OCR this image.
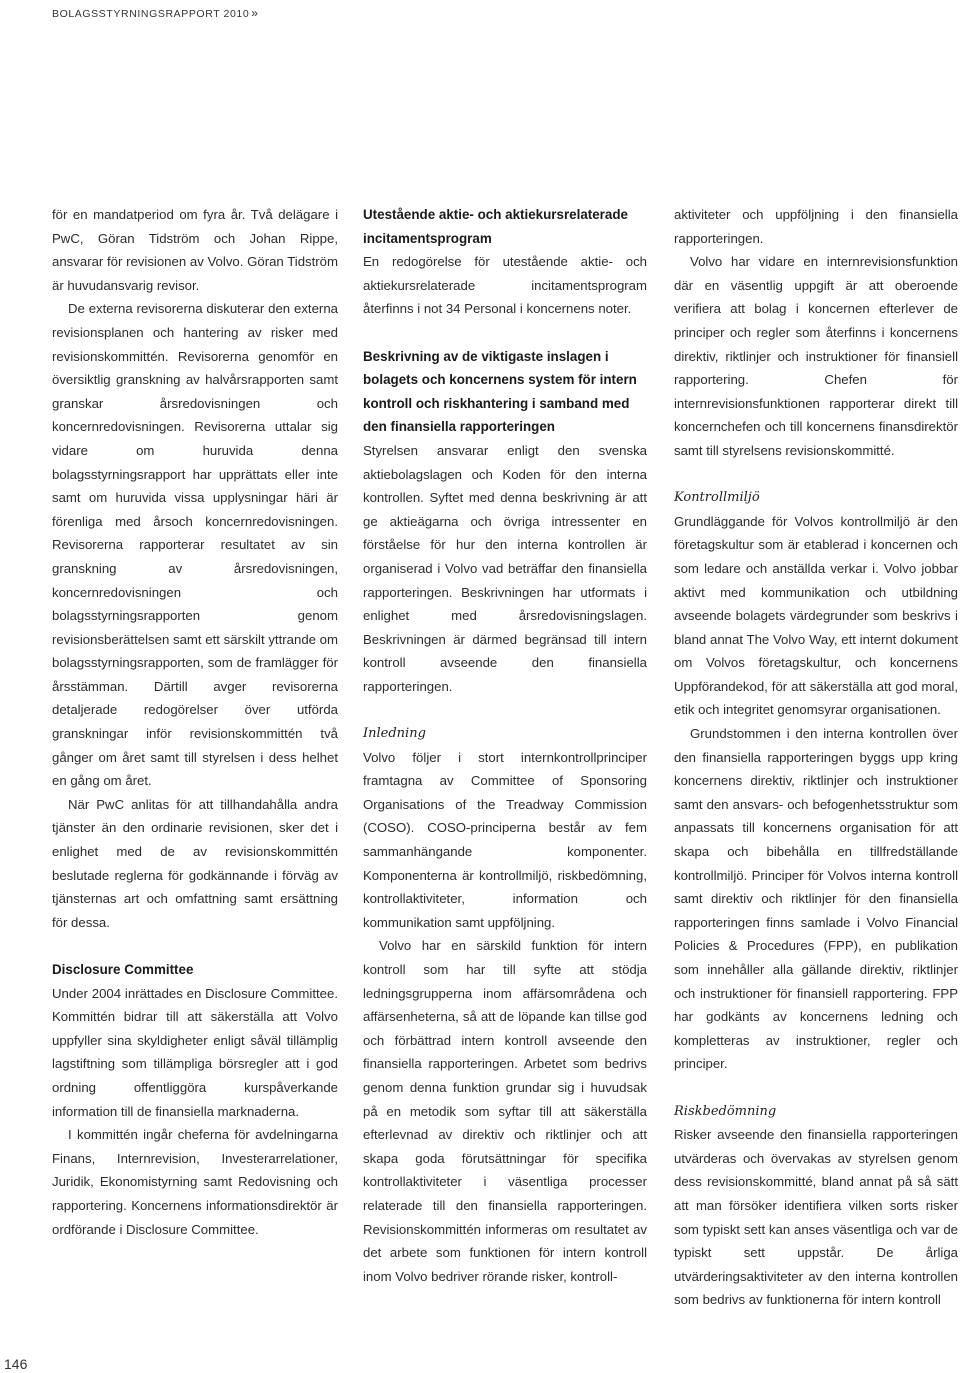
BOLAGSSTYRNINGSRAPPORT 2010 »

för en mandatperiod om fyra år. Två delägare i PwC, Göran Tidström och Johan Rippe, ansvarar för revisionen av Volvo. Göran Tidström är huvudansvarig revisor.

De externa revisorerna diskuterar den externa revisionsplanen och hantering av risker med revisionskommittén. Revisorerna genomför en översiktlig granskning av halvårsrapporten samt granskar årsredovisningen och koncernredovisningen. Revisorerna uttalar sig vidare om huruvida denna bolagsstyrningsrapport har upprättats eller inte samt om huruvida vissa upplysningar häri är förenliga med årsoch koncernredovisningen. Revisorerna rapporterar resultatet av sin granskning av årsredovisningen, koncernredovisningen och bolagsstyrningsrapporten genom revisionsberättelsen samt ett särskilt yttrande om bolagsstyrningsrapporten, som de framlägger för årsstämman. Därtill avger revisorerna detaljerade redogörelser över utförda granskningar inför revisionskommittén två gånger om året samt till styrelsen i dess helhet en gång om året.

När PwC anlitas för att tillhandahålla andra tjänster än den ordinarie revisionen, sker det i enlighet med de av revisionskommittén beslutade reglerna för godkännande i förväg av tjänsternas art och omfattning samt ersättning för dessa.

Disclosure Committee

Under 2004 inrättades en Disclosure Committee. Kommittén bidrar till att säkerställa att Volvo uppfyller sina skyldigheter enligt såväl tillämplig lagstiftning som tillämpliga börsregler att i god ordning offentliggöra kurspåverkande information till de finansiella marknaderna.

I kommittén ingår cheferna för avdelningarna Finans, Internrevision, Investerarrelationer, Juridik, Ekonomistyrning samt Redovisning och rapportering. Koncernens informationsdirektör är ordförande i Disclosure Committee.

Utestående aktie- och aktiekursrelaterade incitamentsprogram

En redogörelse för utestående aktie- och aktiekursrelaterade incitamentsprogram återfinns i not 34 Personal i koncernens noter.

Beskrivning av de viktigaste inslagen i bolagets och koncernens system för intern kontroll och riskhantering i samband med den finansiella rapporteringen

Styrelsen ansvarar enligt den svenska aktiebolagslagen och Koden för den interna kontrollen. Syftet med denna beskrivning är att ge aktieägarna och övriga intressenter en förståelse för hur den interna kontrollen är organiserad i Volvo vad beträffar den finansiella rapporteringen. Beskrivningen har utformats i enlighet med årsredovisningslagen. Beskrivningen är därmed begränsad till intern kontroll avseende den finansiella rapporteringen.

Inledning

Volvo följer i stort internkontrollprinciper framtagna av Committee of Sponsoring Organisations of the Treadway Commission (COSO). COSO-principerna består av fem sammanhängande komponenter. Komponenterna är kontrollmiljö, riskbedömning, kontrollaktiviteter, information och kommunikation samt uppföljning.

Volvo har en särskild funktion för intern kontroll som har till syfte att stödja ledningsgrupperna inom affärsområdena och affärsenheterna, så att de löpande kan tillse god och förbättrad intern kontroll avseende den finansiella rapporteringen. Arbetet som bedrivs genom denna funktion grundar sig i huvudsak på en metodik som syftar till att säkerställa efterlevnad av direktiv och riktlinjer och att skapa goda förutsättningar för specifika kontrollaktiviteter i väsentliga processer relaterade till den finansiella rapporteringen. Revisionskommittén informeras om resultatet av det arbete som funktionen för intern kontroll inom Volvo bedriver rörande risker, kontroll-

aktiviteter och uppföljning i den finansiella rapporteringen.

Volvo har vidare en internrevisionsfunktion där en väsentlig uppgift är att oberoende verifiera att bolag i koncernen efterlever de principer och regler som återfinns i koncernens direktiv, riktlinjer och instruktioner för finansiell rapportering. Chefen för internrevisionsfunktionen rapporterar direkt till koncernchefen och till koncernens finansdirektör samt till styrelsens revisionskommitté.

Kontrollmiljö

Grundläggande för Volvos kontrollmiljö är den företagskultur som är etablerad i koncernen och som ledare och anställda verkar i. Volvo jobbar aktivt med kommunikation och utbildning avseende bolagets värdegrunder som beskrivs i bland annat The Volvo Way, ett internt dokument om Volvos företagskultur, och koncernens Uppförandekod, för att säkerställa att god moral, etik och integritet genomsyrar organisationen.

Grundstommen i den interna kontrollen över den finansiella rapporteringen byggs upp kring koncernens direktiv, riktlinjer och instruktioner samt den ansvars- och befogenhetsstruktur som anpassats till koncernens organisation för att skapa och bibehålla en tillfredställande kontrollmiljö. Principer för Volvos interna kontroll samt direktiv och riktlinjer för den finansiella rapporteringen finns samlade i Volvo Financial Policies & Procedures (FPP), en publikation som innehåller alla gällande direktiv, riktlinjer och instruktioner för finansiell rapportering. FPP har godkänts av koncernens ledning och kompletteras av instruktioner, regler och principer.

Riskbedömning

Risker avseende den finansiella rapporteringen utvärderas och övervakas av styrelsen genom dess revisionskommitté, bland annat på så sätt att man försöker identifiera vilken sorts risker som typiskt sett kan anses väsentliga och var de typiskt sett uppstår. De årliga utvärderingsaktiviteter av den interna kontrollen som bedrivs av funktionerna för intern kontroll

146
